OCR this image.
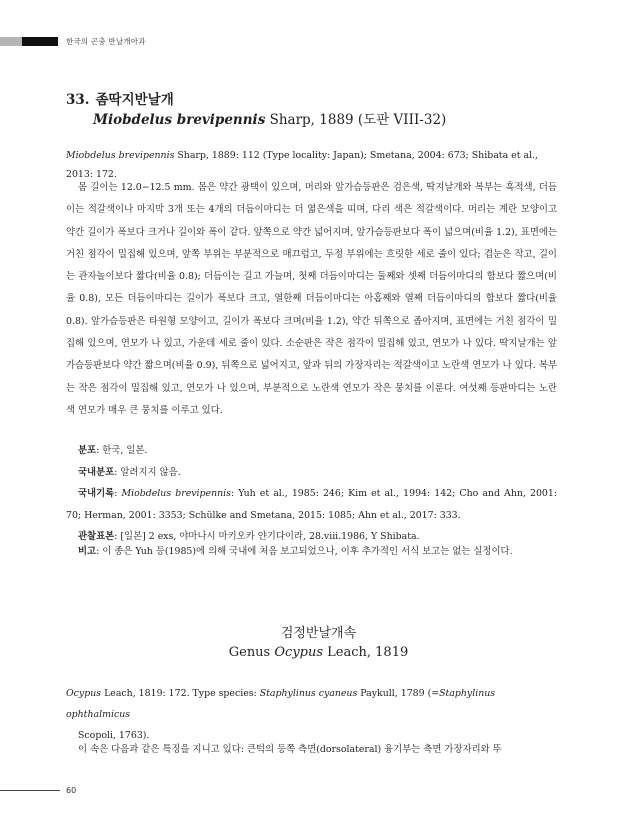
한국의 곤충 반날개아과
33. 좀딱지반날개
Miobdelus brevipennis Sharp, 1889 (도판 VIII-32)
Miobdelus brevipennis Sharp, 1889: 112 (Type locality: Japan); Smetana, 2004: 673; Shibata et al., 2013: 172.
몸 길이는 12.0−12.5 mm. 몸은 약간 광택이 있으며, 머리와 앞가슴등판은 검은색, 딱지날개와 복부는 흑적색, 더듬이는 적갈색이나 마지막 3개 또는 4개의 더듬이마디는 더 엷은색을 띠며, 다리 색은 적갈색이다. 머리는 계란 모양이고 약간 길이가 폭보다 크거나 길이와 폭이 같다. 앞쪽으로 약간 넓어지며, 앞가슴등판보다 폭이 넓으며(비율 1.2), 표면에는 거친 점각이 밀집해 있으며, 앞쪽 부위는 부분적으로 매끄럽고, 두정 부위에는 흐릿한 세로 줄이 있다; 겹눈은 작고, 길이는 관자놀이보다 짧다(비율 0.8); 더듬이는 길고 가늘며, 첫째 더듬이마디는 둘째와 셋째 더듬이마디의 합보다 짧으며(비율 0.8), 모든 더듬이마디는 길이가 폭보다 크고, 열한째 더듬이마디는 아홉째와 열째 더듬이마디의 합보다 짧다(비율 0.8). 앞가슴등판은 타원형 모양이고, 길이가 폭보다 크며(비율 1.2), 약간 뒤쪽으로 좁아지며, 표면에는 거친 점각이 밀집해 있으며, 연모가 나 있고, 가운데 세로 줄이 있다. 소순판은 작은 점각이 밀집해 있고, 연모가 나 있다. 딱지날개는 앞가슴등판보다 약간 짧으며(비율 0.9), 뒤쪽으로 넓어지고, 앞과 뒤의 가장자리는 적갈색이고 노란색 연모가 나 있다. 복부는 작은 점각이 밀집해 있고, 연모가 나 있으며, 부분적으로 노란색 연모가 작은 뭉치를 이룬다. 여섯째 등판마디는 노란색 연모가 매우 큰 뭉치를 이루고 있다.
분포: 한국, 일본.
국내분포: 알려지지 않음.
국내기록: Miobdelus brevipennis: Yuh et al., 1985: 246; Kim et al., 1994: 142; Cho and Ahn, 2001: 70; Herman, 2001: 3353; Schülke and Smetana, 2015: 1085; Ahn et al., 2017: 333.
관찰표본: [일본] 2 exs, 야마나시 마키오카 얀기다이라, 28.viii.1986, Y Shibata.
비고: 이 종은 Yuh 등(1985)에 의해 국내에 처음 보고되었으나, 이후 추가적인 서식 보고는 없는 실정이다.
검정반날개속
Genus Ocypus Leach, 1819
Ocypus Leach, 1819: 172. Type species: Staphylinus cyaneus Paykull, 1789 (=Staphylinus ophthalmicus
Scopoli, 1763).
이 속은 다음과 같은 특징을 지니고 있다: 큰턱의 등쪽 측면(dorsolateral) 융기부는 측면 가장자리와 뚜
60
